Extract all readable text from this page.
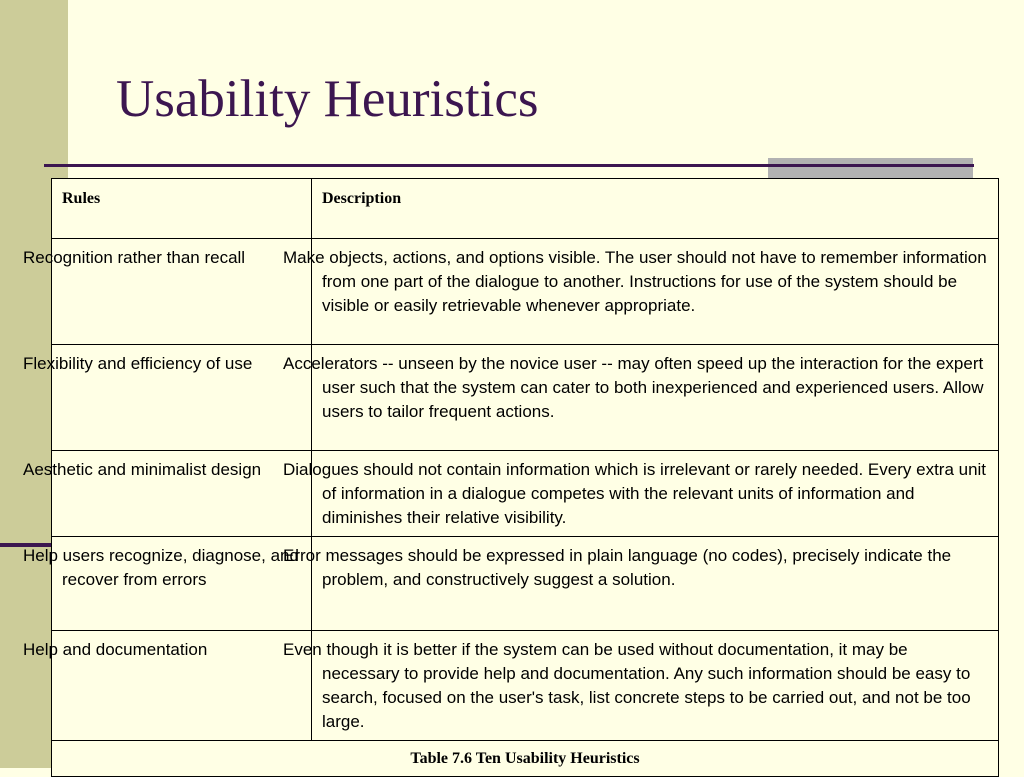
Usability Heuristics
Rules	Description
Recognition rather than recall	Make objects, actions, and options visible. The user should not have to remember information from one part of the dialogue to another. Instructions for use of the system should be visible or easily retrievable whenever appropriate.
Flexibility and efficiency of use	Accelerators -- unseen by the novice user -- may often speed up the interaction for the expert user such that the system can cater to both inexperienced and experienced users. Allow users to tailor frequent actions.
Aesthetic and minimalist design	Dialogues should not contain information which is irrelevant or rarely needed. Every extra unit of information in a dialogue competes with the relevant units of information and diminishes their relative visibility.
Help users recognize, diagnose, and recover from errors	Error messages should be expressed in plain language (no codes), precisely indicate the problem, and constructively suggest a solution.
Help and documentation	Even though it is better if the system can be used without documentation, it may be necessary to provide help and documentation. Any such information should be easy to search, focused on the user's task, list concrete steps to be carried out, and not be too large.
Table 7.6 Ten Usability Heuristics	
